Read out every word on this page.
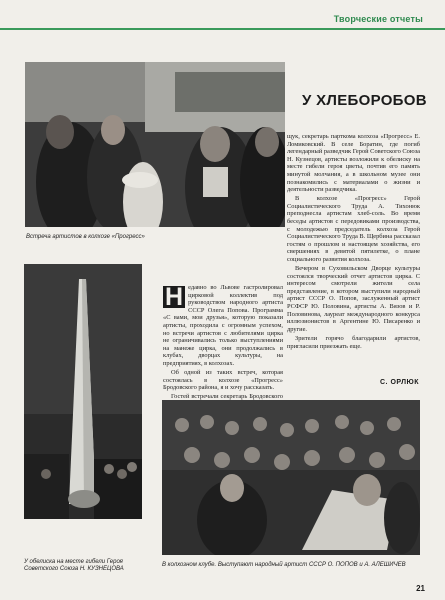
Творческие отчеты
Встреча артистов в колхозе «Прогресс»
У ХЛЕБОРОБОВ

щук, секретарь парткома колхоза «Прогресс» Е. Ломиковский. В селе Боратин, где погиб легендарный разведчик Герой Советского Союза Н. Кузнецов, артисты возложили к обелиску на месте гибели героя цветы, почтив его память минутой молчания, а в школьном музее они познакомились с материалами о жизни и деятельности разведчика.

В колхозе «Прогресс» Герой Социалистического Труда А. Тихонюк преподнесла артистам хлеб-соль. Во время беседы артистов с передовиками производства, с молодежью председатель колхоза Герой Социалистического Труда В. Щербина рассказал гостям о прошлом и настоящем хозяйства, его свершениях в девятой пятилетке, о плане социального развития колхоза.

Вечером в Суховильском Дворце культуры состоялся творческий отчет артистов цирка. С интересом смотрели жители села представление, в котором выступили народный артист СССР О. Попов, заслуженный артист РСФСР Ю. Половина, артисты А. Вязов и Р. Половинова, лауреат международного конкурса иллюзионистов в Аргентине Ю. Писаренко и другие.

Зрители горячо благодарили артистов, пригласили приезжать еще.

С. ОРЛЮК
У обелиска на месте гибели Героя Советского Союза Н. КУЗНЕЦОВА

Н едавно во Львове гастролировал цирковой коллектив под руководством народного артиста СССР Олега Попова. Программа «С вами, мои друзья», которую показали артисты, проходила с огромным успехом, но встречи артистов с любителями цирка не ограничивались только выступлениями на манеже цирка, они продолжались в клубах, дворцах культуры, на предприятиях, в колхозах.

Об одной из таких встреч, которая состоялась в колхозе «Прогресс» Бродовского района, я и хочу рассказать.

Гостей встречали секретарь Бродовского

В колхозном клубе. Выступают народный артист СССР О. ПОПОВ и А. АЛЕШИЧЕВ
21
